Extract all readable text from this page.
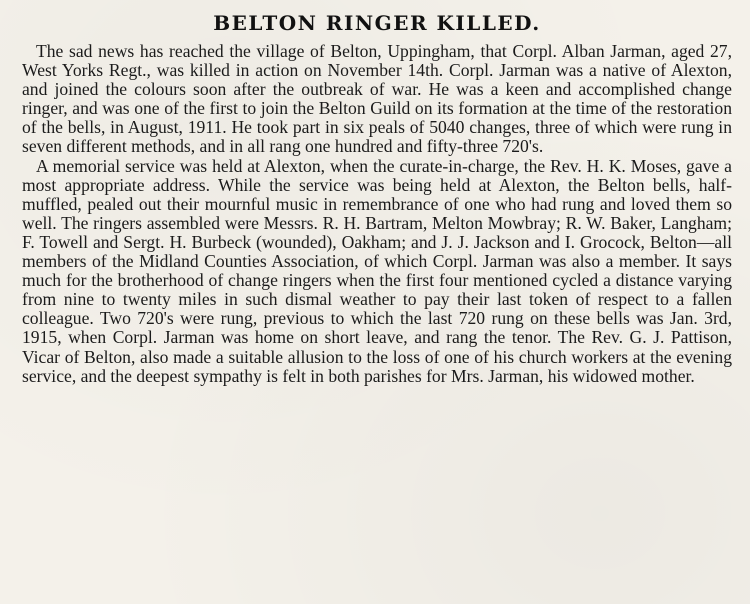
BELTON RINGER KILLED.

The sad news has reached the village of Belton, Uppingham, that Corpl. Alban Jarman, aged 27, West Yorks Regt., was killed in action on November 14th. Corpl. Jarman was a native of Alexton, and joined the colours soon after the outbreak of war. He was a keen and accomplished change ringer, and was one of the first to join the Belton Guild on its formation at the time of the restoration of the bells, in August, 1911. He took part in six peals of 5040 changes, three of which were rung in seven different methods, and in all rang one hundred and fifty-three 720's.

A memorial service was held at Alexton, when the curate-in-charge, the Rev. H. K. Moses, gave a most appropriate address. While the service was being held at Alexton, the Belton bells, half-muffled, pealed out their mournful music in remembrance of one who had rung and loved them so well. The ringers assembled were Messrs. R. H. Bartram, Melton Mowbray; R. W. Baker, Langham; F. Towell and Sergt. H. Burbeck (wounded), Oakham; and J. J. Jackson and I. Grocock, Belton—all members of the Midland Counties Association, of which Corpl. Jarman was also a member. It says much for the brotherhood of change ringers when the first four mentioned cycled a distance varying from nine to twenty miles in such dismal weather to pay their last token of respect to a fallen colleague. Two 720's were rung, previous to which the last 720 rung on these bells was Jan. 3rd, 1915, when Corpl. Jarman was home on short leave, and rang the tenor. The Rev. G. J. Pattison, Vicar of Belton, also made a suitable allusion to the loss of one of his church workers at the evening service, and the deepest sympathy is felt in both parishes for Mrs. Jarman, his widowed mother.
